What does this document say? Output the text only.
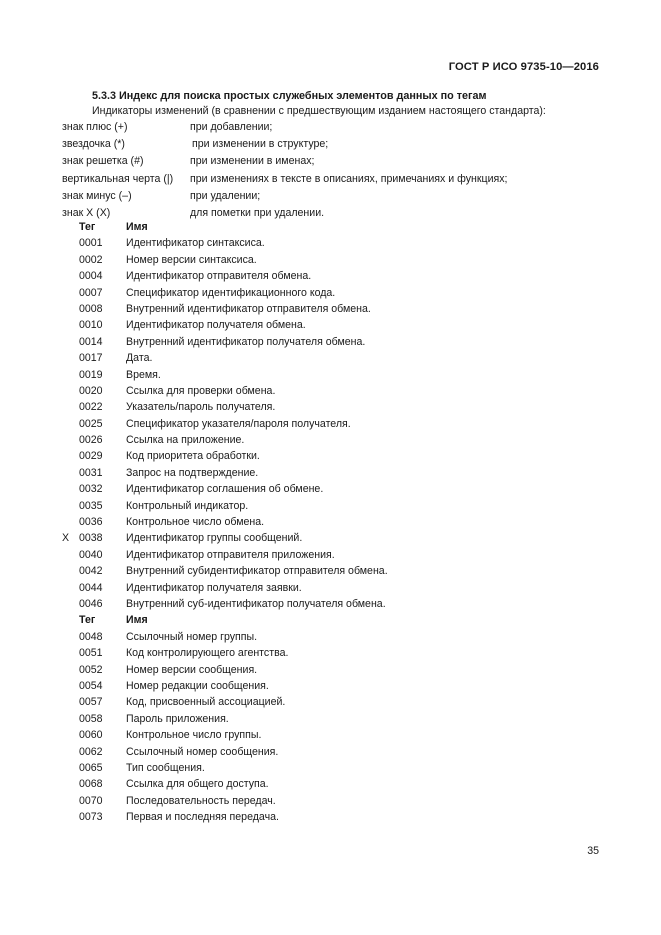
ГОСТ Р ИСО 9735-10—2016
5.3.3 Индекс для поиска простых служебных элементов данных по тегам
Индикаторы изменений (в сравнении с предшествующим изданием настоящего стандарта):
знак плюс (+)	при добавлении;
звездочка (*)	при изменении в структуре;
знак решетка (#)	при изменении в именах;
вертикальная черта (|) при изменениях в тексте в описаниях, примечаниях и функциях;
знак минус (–)	при удалении;
знак X (X)	для пометки при удалении.
Тег	Имя
0001 Идентификатор синтаксиса.
0002 Номер версии синтаксиса.
0004 Идентификатор отправителя обмена.
0007 Спецификатор идентификационного кода.
0008 Внутренний идентификатор отправителя обмена.
0010 Идентификатор получателя обмена.
0014 Внутренний идентификатор получателя обмена.
0017 Дата.
0019 Время.
0020 Ссылка для проверки обмена.
0022 Указатель/пароль получателя.
0025 Спецификатор указателя/пароля получателя.
0026 Ссылка на приложение.
0029 Код приоритета обработки.
0031 Запрос на подтверждение.
0032 Идентификатор соглашения об обмене.
0035 Контрольный индикатор.
0036 Контрольное число обмена.
X 0038 Идентификатор группы сообщений.
0040 Идентификатор отправителя приложения.
0042 Внутренний субидентификатор отправителя обмена.
0044 Идентификатор получателя заявки.
0046 Внутренний суб-идентификатор получателя обмена.
Тег	Имя
0048 Ссылочный номер группы.
0051 Код контролирующего агентства.
0052 Номер версии сообщения.
0054 Номер редакции сообщения.
0057 Код, присвоенный ассоциацией.
0058 Пароль приложения.
0060 Контрольное число группы.
0062 Ссылочный номер сообщения.
0065 Тип сообщения.
0068 Ссылка для общего доступа.
0070 Последовательность передач.
0073 Первая и последняя передача.
35
